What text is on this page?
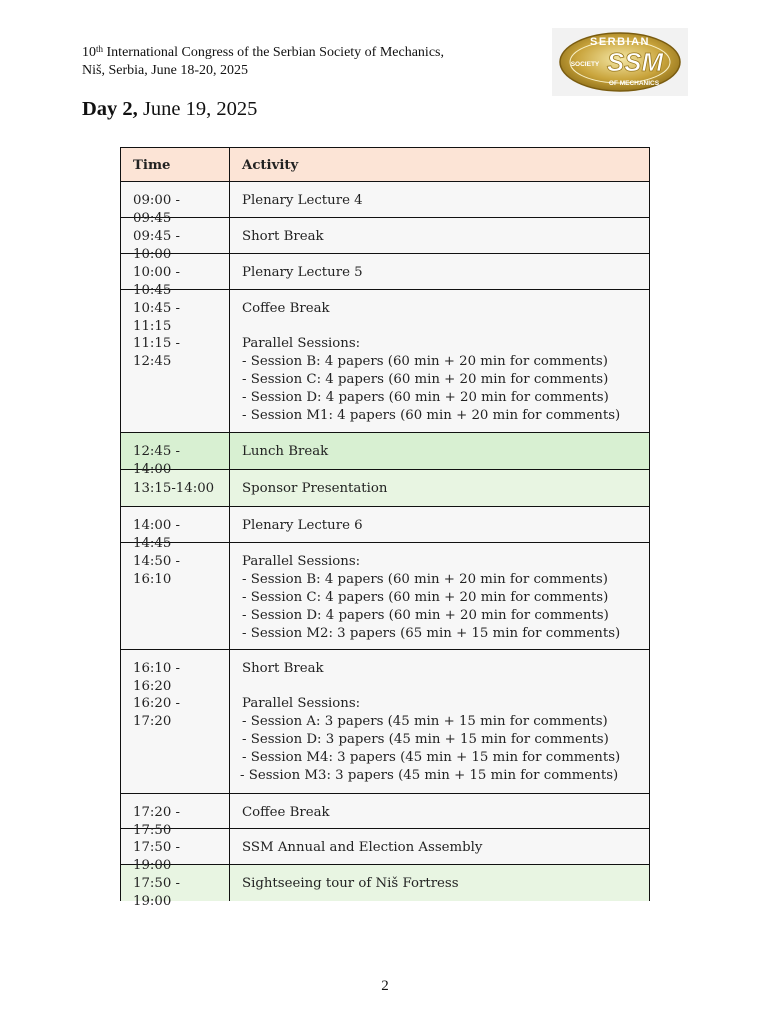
10th International Congress of the Serbian Society of Mechanics,
Niš, Serbia, June 18-20, 2025
SERBIAN
SOCIETY SSM
OF MECHANICS
Day 2, June 19, 2025
Time	Activity

09:00 - 09:45	Plenary Lecture 4

09:45 - 10:00	Short Break

10:00 - 10:45	Plenary Lecture 5

10:45 - 11:15	Coffee Break

11:15 - 12:45	Parallel Sessions:
- Session B: 4 papers (60 min + 20 min for comments)
- Session C: 4 papers (60 min + 20 min for comments)
- Session D: 4 papers (60 min + 20 min for comments)
- Session M1: 4 papers (60 min + 20 min for comments)

12:45 - 14:00	Lunch Break

13:15-14:00	Sponsor Presentation

14:00 - 14:45	Plenary Lecture 6

14:50 - 16:10	Parallel Sessions:
- Session B: 4 papers (60 min + 20 min for comments)
- Session C: 4 papers (60 min + 20 min for comments)
- Session D: 4 papers (60 min + 20 min for comments)
- Session M2: 3 papers (65 min + 15 min for comments)

16:10 - 16:20	Short Break

16:20 - 17:20	Parallel Sessions:
- Session A: 3 papers (45 min + 15 min for comments)
- Session D: 3 papers (45 min + 15 min for comments)
- Session M4: 3 papers (45 min + 15 min for comments)
- Session M3: 3 papers (45 min + 15 min for comments)

17:20 - 17:50	Coffee Break

17:50 - 19:00	SSM Annual and Election Assembly

17:50 - 19:00	Sightseeing tour of Niš Fortress
2
